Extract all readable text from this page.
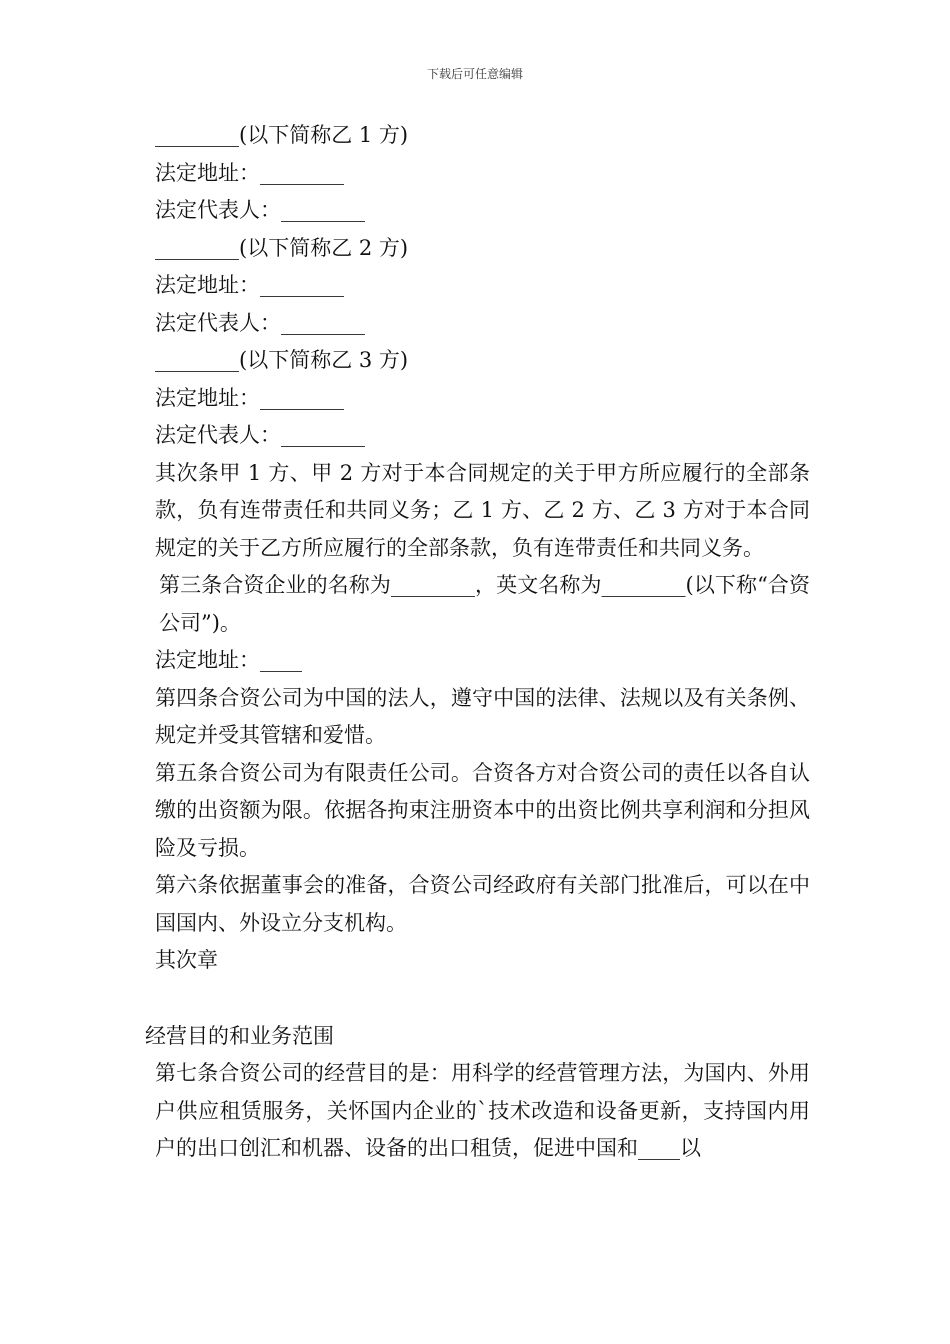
下载后可任意编辑
________(以下简称乙 1 方)
法定地址：________
法定代表人：________
________(以下简称乙 2 方)
法定地址：________
法定代表人：________
________(以下简称乙 3 方)
法定地址：________
法定代表人：________
其次条甲 1 方、甲 2 方对于本合同规定的关于甲方所应履行的全部条款，负有连带责任和共同义务；乙 1 方、乙 2 方、乙 3 方对于本合同规定的关于乙方所应履行的全部条款，负有连带责任和共同义务。
第三条合资企业的名称为________，英文名称为________(以下称“合资公司”)。
法定地址：____
第四条合资公司为中国的法人，遵守中国的法律、法规以及有关条例、规定并受其管辖和爱惜。
第五条合资公司为有限责任公司。合资各方对合资公司的责任以各自认缴的出资额为限。依据各拘束注册资本中的出资比例共享利润和分担风险及亏损。
第六条依据董事会的准备，合资公司经政府有关部门批准后，可以在中国国内、外设立分支机构。
其次章
经营目的和业务范围
第七条合资公司的经营目的是：用科学的经营管理方法，为国内、外用户供应租赁服务，关怀国内企业的`技术改造和设备更新，支持国内用户的出口创汇和机器、设备的出口租赁，促进中国和____以
